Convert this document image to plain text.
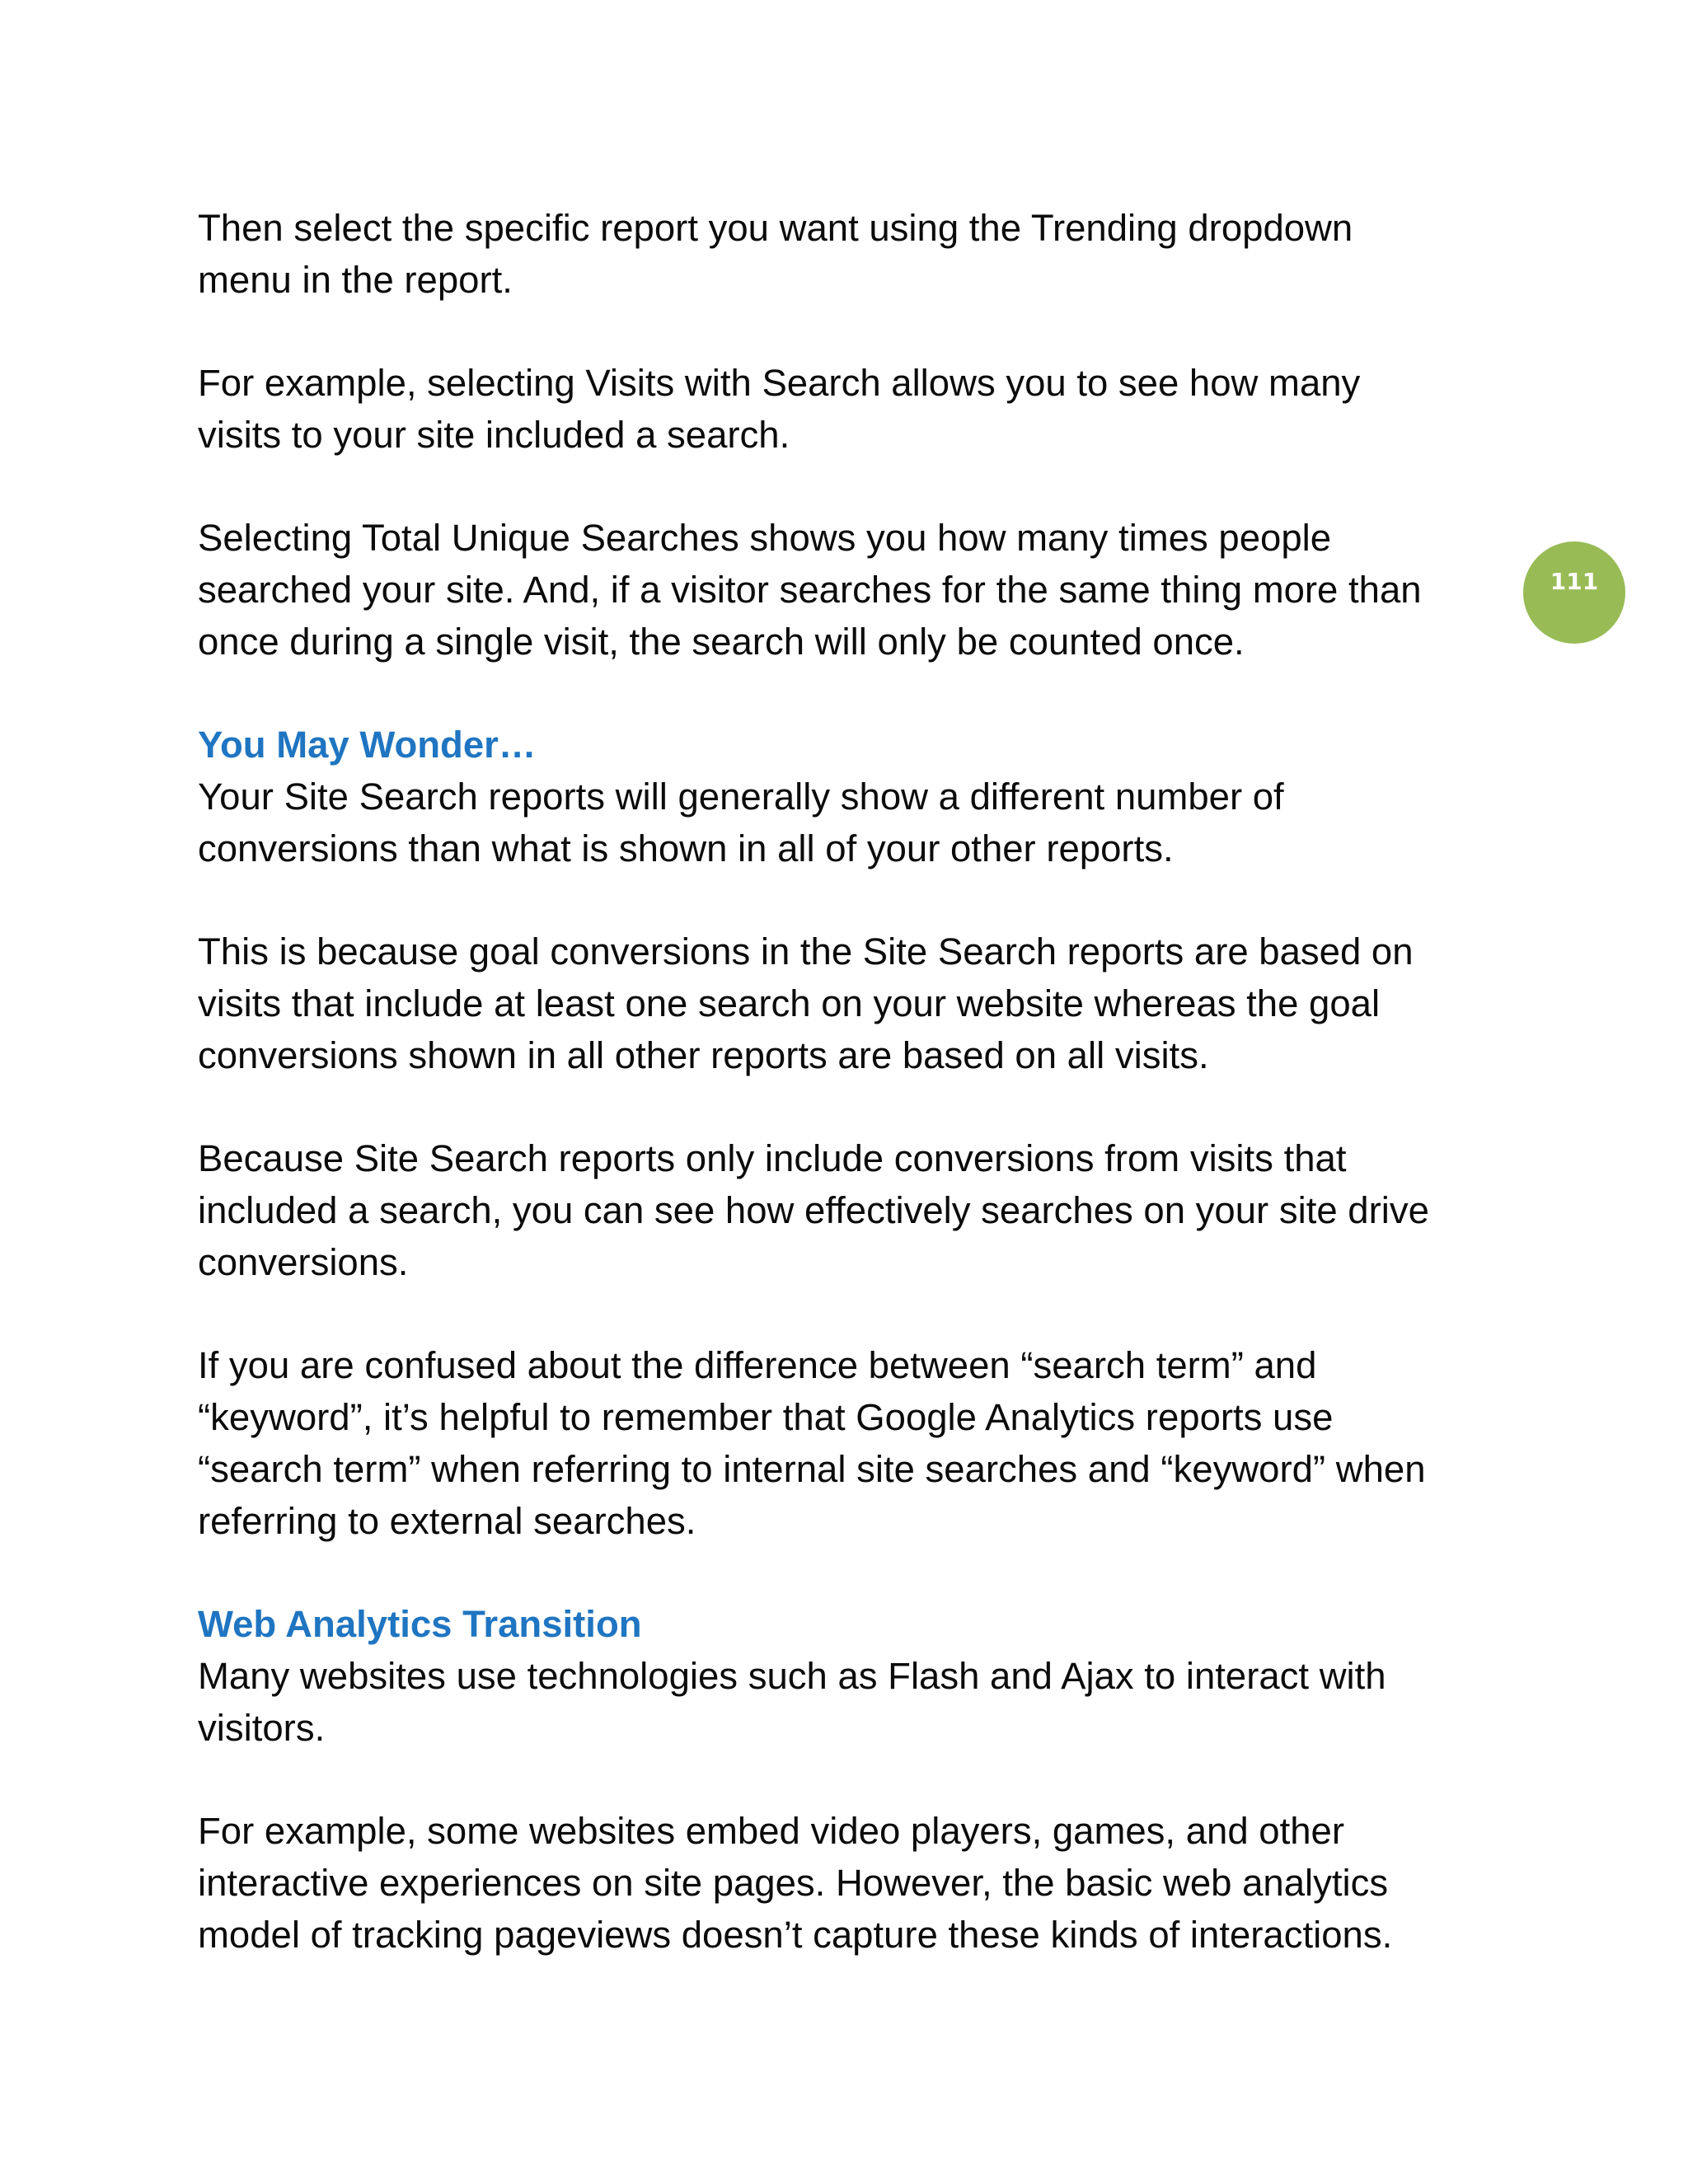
Then select the specific report you want using the Trending dropdown
menu in the report.

For example, selecting Visits with Search allows you to see how many
visits to your site included a search.

Selecting Total Unique Searches shows you how many times people
searched your site. And, if a visitor searches for the same thing more than
once during a single visit, the search will only be counted once.

You May Wonder…

Your Site Search reports will generally show a different number of
conversions than what is shown in all of your other reports.

This is because goal conversions in the Site Search reports are based on
visits that include at least one search on your website whereas the goal
conversions shown in all other reports are based on all visits.

Because Site Search reports only include conversions from visits that
included a search, you can see how effectively searches on your site drive
conversions.

If you are confused about the difference between “search term” and
“keyword”, it’s helpful to remember that Google Analytics reports use
“search term” when referring to internal site searches and “keyword” when
referring to external searches.

Web Analytics Transition

Many websites use technologies such as Flash and Ajax to interact with
visitors.

For example, some websites embed video players, games, and other
interactive experiences on site pages. However, the basic web analytics
model of tracking pageviews doesn’t capture these kinds of interactions.

111
